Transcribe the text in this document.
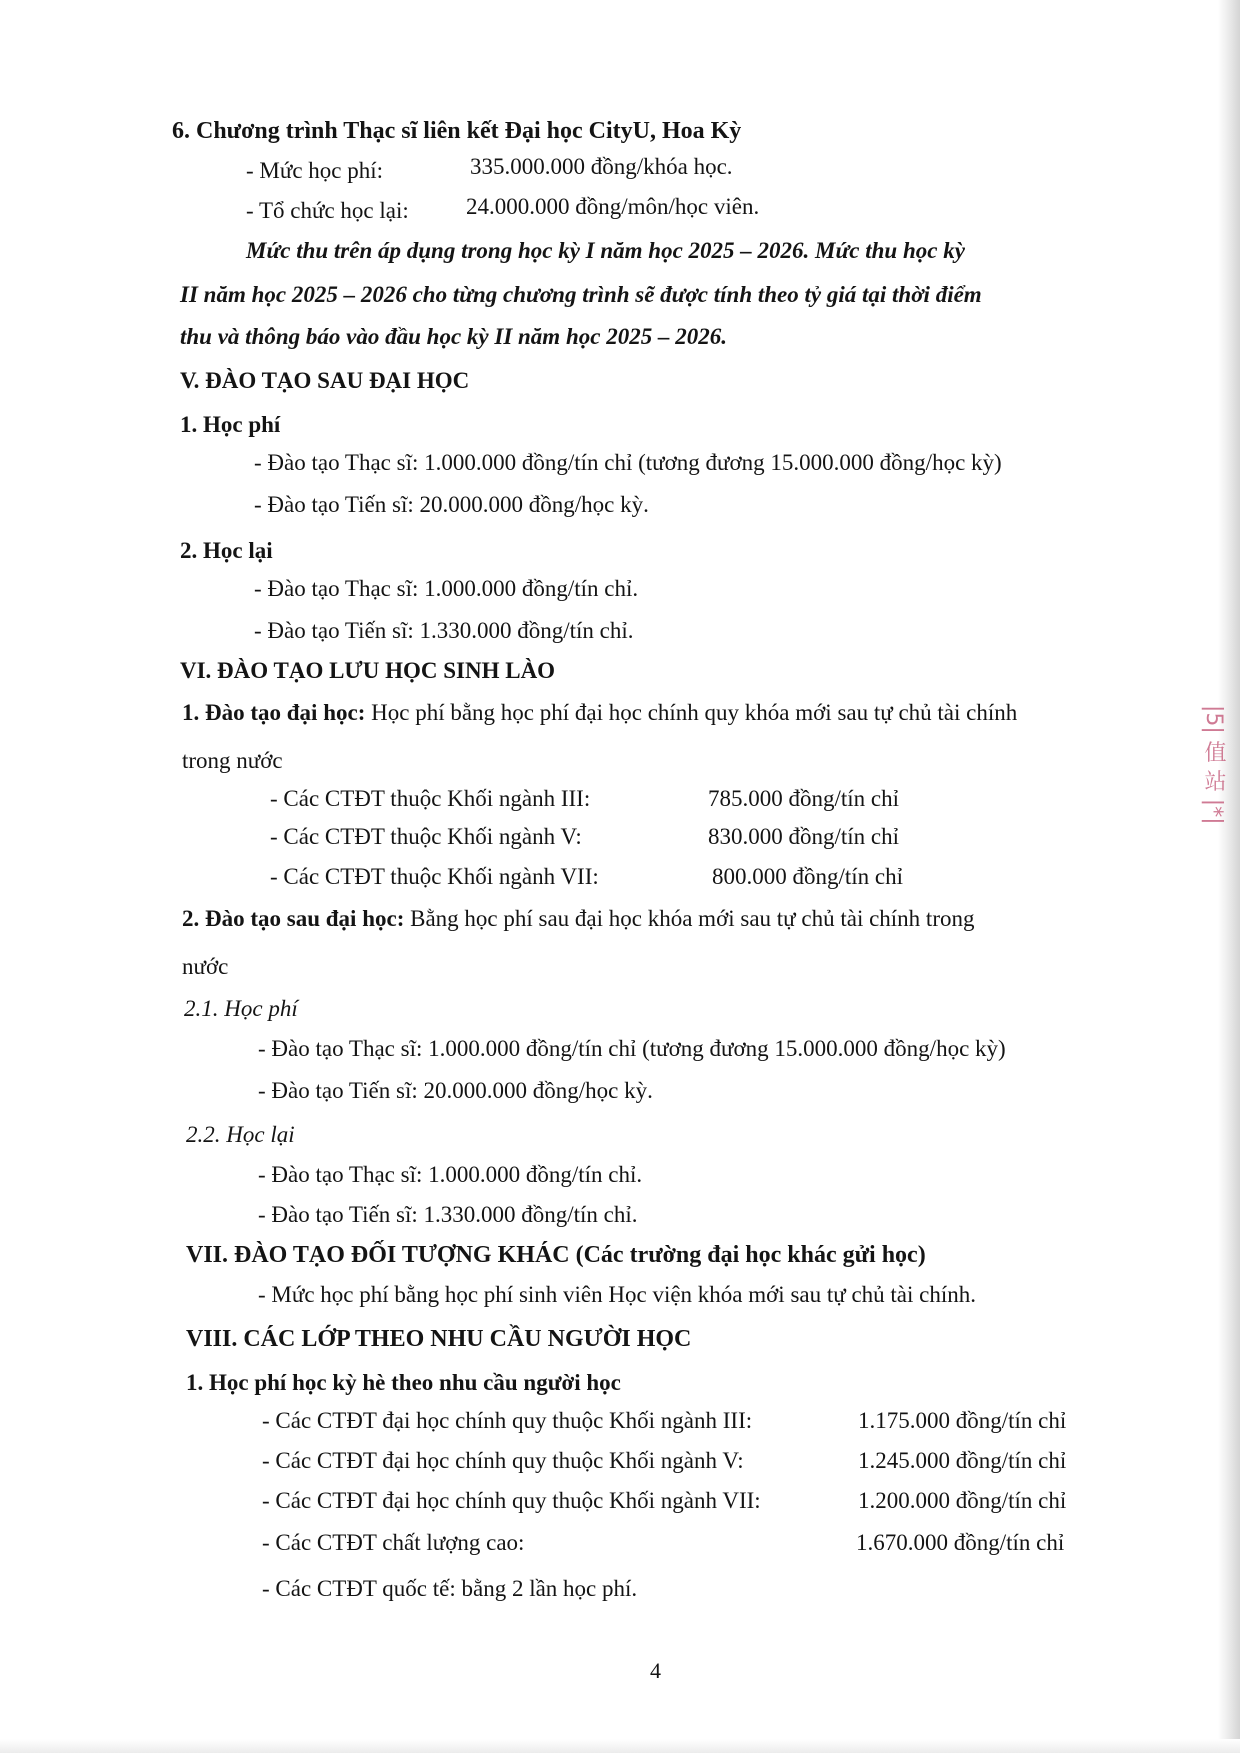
|5| 值 站 |*|
6. Chương trình Thạc sĩ liên kết Đại học CityU, Hoa Kỳ
- Mức học phí:	335.000.000 đồng/khóa học.
- Tổ chức học lại: 24.000.000 đồng/môn/học viên.
Mức thu trên áp dụng trong học kỳ I năm học 2025 – 2026. Mức thu học kỳ
II năm học 2025 – 2026 cho từng chương trình sẽ được tính theo tỷ giá tại thời điểm
thu và thông báo vào đầu học kỳ II năm học 2025 – 2026.
V. ĐÀO TẠO SAU ĐẠI HỌC
1. Học phí
- Đào tạo Thạc sĩ: 1.000.000 đồng/tín chỉ (tương đương 15.000.000 đồng/học kỳ)
- Đào tạo Tiến sĩ: 20.000.000 đồng/học kỳ.
2. Học lại
- Đào tạo Thạc sĩ: 1.000.000 đồng/tín chỉ.
- Đào tạo Tiến sĩ: 1.330.000 đồng/tín chỉ.
VI. ĐÀO TẠO LƯU HỌC SINH LÀO
1. Đào tạo đại học: Học phí bằng học phí đại học chính quy khóa mới sau tự chủ tài chính
trong nước
- Các CTĐT thuộc Khối ngành III:	785.000 đồng/tín chỉ
- Các CTĐT thuộc Khối ngành V:	830.000 đồng/tín chỉ
- Các CTĐT thuộc Khối ngành VII:	800.000 đồng/tín chỉ
2. Đào tạo sau đại học: Bằng học phí sau đại học khóa mới sau tự chủ tài chính trong
nước
2.1. Học phí
- Đào tạo Thạc sĩ: 1.000.000 đồng/tín chỉ (tương đương 15.000.000 đồng/học kỳ)
- Đào tạo Tiến sĩ: 20.000.000 đồng/học kỳ.
2.2. Học lại
- Đào tạo Thạc sĩ: 1.000.000 đồng/tín chỉ.
- Đào tạo Tiến sĩ: 1.330.000 đồng/tín chỉ.
VII. ĐÀO TẠO ĐỐI TƯỢNG KHÁC (Các trường đại học khác gửi học)
- Mức học phí bằng học phí sinh viên Học viện khóa mới sau tự chủ tài chính.
VIII. CÁC LỚP THEO NHU CẦU NGƯỜI HỌC
1. Học phí học kỳ hè theo nhu cầu người học
- Các CTĐT đại học chính quy thuộc Khối ngành III:	1.175.000 đồng/tín chỉ
- Các CTĐT đại học chính quy thuộc Khối ngành V:	1.245.000 đồng/tín chỉ
- Các CTĐT đại học chính quy thuộc Khối ngành VII:	1.200.000 đồng/tín chỉ
- Các CTĐT chất lượng cao:	1.670.000 đồng/tín chỉ
- Các CTĐT quốc tế: bằng 2 lần học phí.
4
